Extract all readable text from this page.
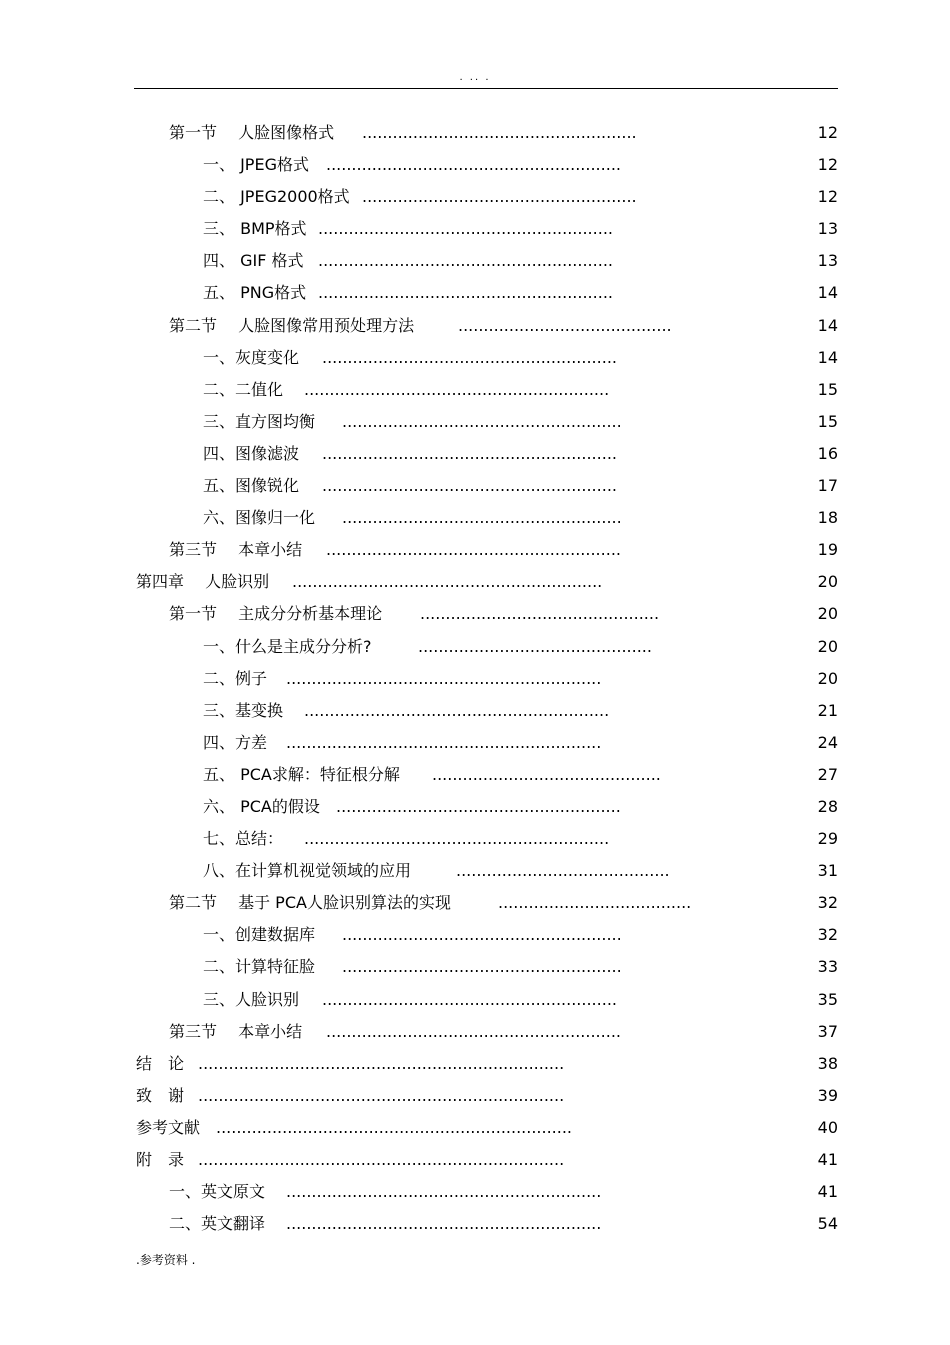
. .. .
第一节　 人脸图像格式 ......................................................	12
一、 JPEG格式 ..........................................................	12
二、 JPEG2000格式 ......................................................	12
三、 BMP格式 ..........................................................	13
四、 GIF 格式 ..........................................................	13
五、 PNG格式 ..........................................................	14
第二节　 人脸图像常用预处理方法	..........................................	14
一、灰度变化 ..........................................................	14
二、二值化 ............................................................	15
三、直方图均衡 .......................................................	15
四、图像滤波 ..........................................................	16
五、图像锐化 ..........................................................	17
六、图像归一化 .......................................................	18
第三节　 本章小结 ..........................................................	19
第四章　 人脸识别 .............................................................	20
第一节　 主成分分析基本理论 ...............................................	20
一、什么是主成分分析?	..............................................	20
二、例子 ..............................................................	20
三、基变换 ............................................................	21
四、方差 ..............................................................	24
五、 PCA求解：特征根分解 .............................................	27
六、 PCA的假设 ........................................................	28
七、总结： ............................................................	29
八、在计算机视觉领域的应用	..........................................	31
第二节　 基于 PCA人脸识别算法的实现	......................................	32
一、创建数据库 .......................................................	32
二、计算特征脸 .......................................................	33
三、人脸识别 ..........................................................	35
第三节　 本章小结 ..........................................................	37
结　论 ........................................................................	38
致　谢 ........................................................................	39
参考文献 ......................................................................	40
附　录 ........................................................................	41
一、英文原文 ..............................................................	41
二、英文翻译 ..............................................................	54
.参考资料 .
